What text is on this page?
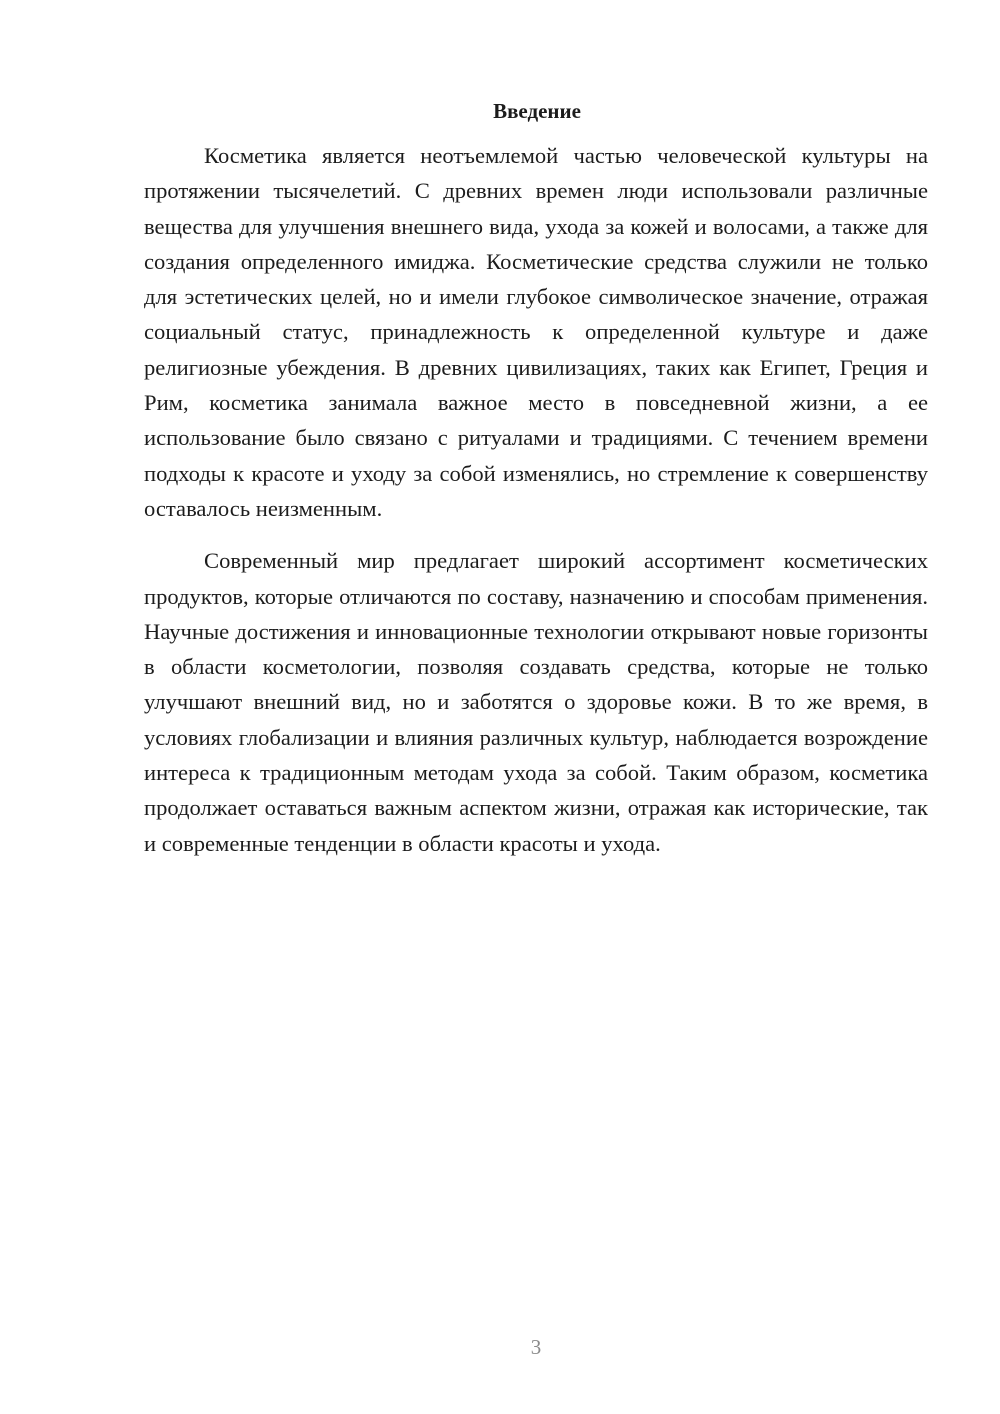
Введение

Косметика является неотъемлемой частью человеческой культуры на протяжении тысячелетий. С древних времен люди использовали различные вещества для улучшения внешнего вида, ухода за кожей и волосами, а также для создания определенного имиджа. Косметические средства служили не только для эстетических целей, но и имели глубокое символическое значение, отражая социальный статус, принадлежность к определенной культуре и даже религиозные убеждения. В древних цивилизациях, таких как Египет, Греция и Рим, косметика занимала важное место в повседневной жизни, а ее использование было связано с ритуалами и традициями. С течением времени подходы к красоте и уходу за собой изменялись, но стремление к совершенству оставалось неизменным.

Современный мир предлагает широкий ассортимент косметических продуктов, которые отличаются по составу, назначению и способам применения. Научные достижения и инновационные технологии открывают новые горизонты в области косметологии, позволяя создавать средства, которые не только улучшают внешний вид, но и заботятся о здоровье кожи. В то же время, в условиях глобализации и влияния различных культур, наблюдается возрождение интереса к традиционным методам ухода за собой. Таким образом, косметика продолжает оставаться важным аспектом жизни, отражая как исторические, так и современные тенденции в области красоты и ухода.

3
